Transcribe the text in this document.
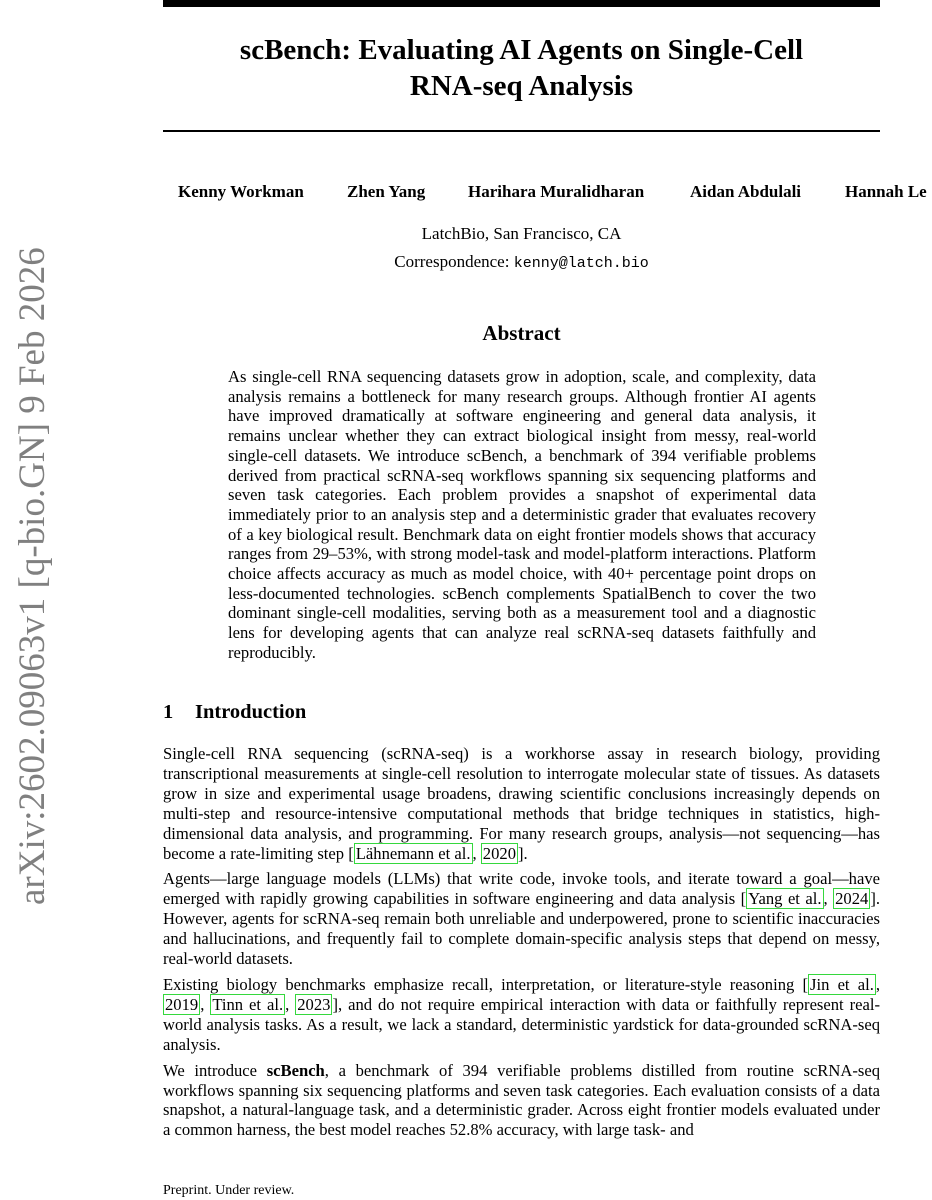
arXiv:2602.09063v1 [q-bio.GN] 9 Feb 2026
scBench: Evaluating AI Agents on Single-Cell
RNA-seq Analysis
Kenny Workman	Zhen Yang	Harihara Muralidharan	Aidan Abdulali	Hannah Le
LatchBio, San Francisco, CA
Correspondence: kenny@latch.bio
Abstract

As single-cell RNA sequencing datasets grow in adoption, scale, and complexity, data analysis remains a bottleneck for many research groups. Although frontier AI agents have improved dramatically at software engineering and general data analysis, it remains unclear whether they can extract biological insight from messy, real-world single-cell datasets. We introduce scBench, a benchmark of 394 verifiable problems derived from practical scRNA-seq workflows spanning six sequencing platforms and seven task categories. Each problem provides a snapshot of experimental data immediately prior to an analysis step and a deterministic grader that evaluates recovery of a key biological result. Benchmark data on eight frontier models shows that accuracy ranges from 29–53%, with strong model-task and model-platform interactions. Platform choice affects accuracy as much as model choice, with 40+ percentage point drops on less-documented technologies. scBench complements SpatialBench to cover the two dominant single-cell modalities, serving both as a measurement tool and a diagnostic lens for developing agents that can analyze real scRNA-seq datasets faithfully and reproducibly.

1 Introduction

Single-cell RNA sequencing (scRNA-seq) is a workhorse assay in research biology, providing transcriptional measurements at single-cell resolution to interrogate molecular state of tissues. As datasets grow in size and experimental usage broadens, drawing scientific conclusions increasingly depends on multi-step and resource-intensive computational methods that bridge techniques in statistics, high-dimensional data analysis, and programming. For many research groups, analysis—not sequencing—has become a rate-limiting step [ Lähnemann et al. , 2020 ].

Agents—large language models (LLMs) that write code, invoke tools, and iterate toward a goal—have emerged with rapidly growing capabilities in software engineering and data analysis [ Yang et al. , 2024 ]. However, agents for scRNA-seq remain both unreliable and underpowered, prone to scientific inaccuracies and hallucinations, and frequently fail to complete domain-specific analysis steps that depend on messy, real-world datasets.

Existing biology benchmarks emphasize recall, interpretation, or literature-style reasoning [ Jin et al. , 2019 , Tinn et al. , 2023 ], and do not require empirical interaction with data or faithfully represent real-world analysis tasks. As a result, we lack a standard, deterministic yardstick for data-grounded scRNA-seq analysis.

We introduce scBench, a benchmark of 394 verifiable problems distilled from routine scRNA-seq workflows spanning six sequencing platforms and seven task categories. Each evaluation consists of a data snapshot, a natural-language task, and a deterministic grader. Across eight frontier models evaluated under a common harness, the best model reaches 52.8% accuracy, with large task- and

Preprint. Under review.
